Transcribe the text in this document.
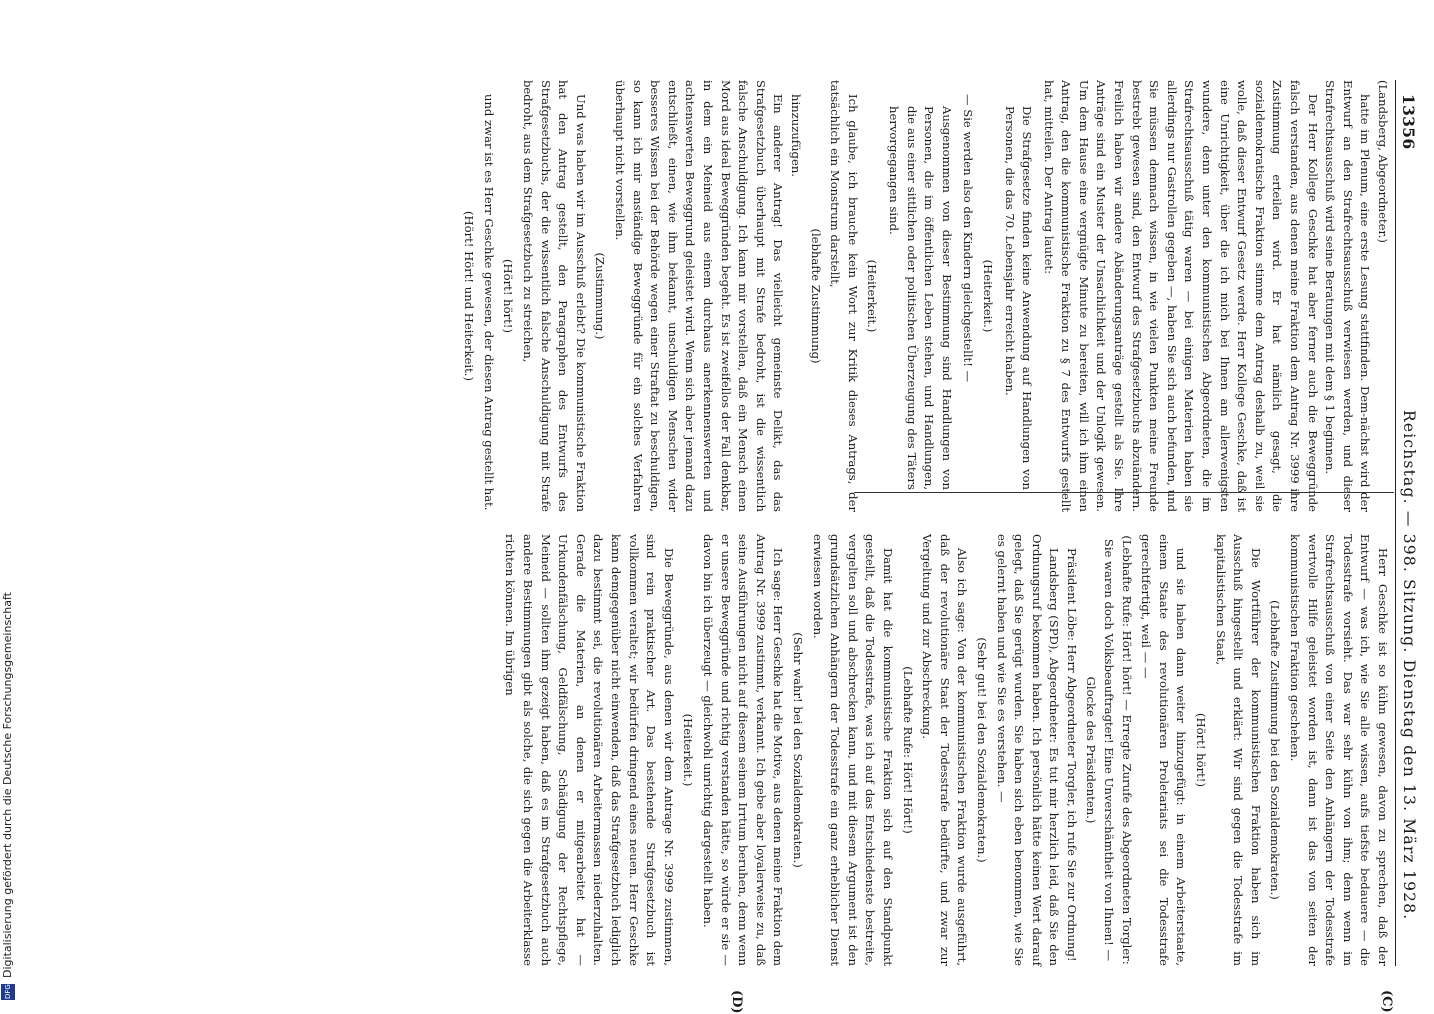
13356
Reichstag. — 398. Sitzung. Dienstag den 13. März 1928.

(Landsberg, Abgeordneter.)

hatte im Plenum, eine erste Lesung stattfinden. Dem-nächst wird der Entwurf an den Strafrechtsausschuß verwiesen werden, und dieser Strafrechtsausschuß wird seine Beratungen mit dem § 1 beginnen.

Der Herr Kollege Geschke hat aber ferner auch die Beweggründe falsch verstanden, aus denen meine Fraktion dem Antrag Nr. 3999 ihre Zustimmung erteilen wird. Er hat nämlich gesagt, die sozialdemokratische Fraktion stimme dem Antrag deshalb zu, weil sie wolle, daß dieser Entwurf Gesetz werde. Herr Kollege Geschke, daß ist eine Unrichtigkeit, über die ich mich bei Ihnen am allerwenigsten wundere, denn unter den kommunistischen Abgeordneten, die im Strafrechtsausschuß tätig waren — bei einigen Materien haben sie allerdings nur Gastrollen gegeben —, haben Sie sich auch befunden, und Sie müssen demnach wissen, in wie vielen Punkten meine Freunde bestrebt gewesen sind, den Entwurf des Strafgesetzbuchs abzuändern. Freilich haben wir andere Abänderungsanträge gestellt als Sie. Ihre Anträge sind ein Muster der Unsachlichkeit und der Unlogik gewesen. Um dem Hause eine vergnügte Minute zu bereiten, will ich ihm einen Antrag, den die kommunistische Fraktion zu § 7 des Entwurfs gestellt hat, mitteilen. Der Antrag lautet:

Die Strafgesetze finden keine Anwendung auf Handlungen von Personen, die das 70. Lebensjahr erreicht haben.

(Heiterkeit.)

— Sie werden also den Kindern gleichgestellt! —

Ausgenommen von dieser Bestimmung sind Handlungen von Personen, die im öffentlichen Leben stehen, und Handlungen, die aus einer sittlichen oder politischen Überzeugung des Täters hervorgegangen sind.

(Heiterkeit.)

Ich glaube, ich brauche kein Wort zur Kritik dieses Antrags, der tatsächlich ein Monstrum darstellt,

(lebhafte Zustimmung)

hinzuzufügen.

Ein anderer Antrag! Das vielleicht gemeinste Delikt, das das Strafgesetzbuch überhaupt mit Strafe bedroht, ist die wissentlich falsche Anschuldigung. Ich kann mir vorstellen, daß ein Mensch einen Mord aus ideal Beweggründen begeht. Es ist zweifellos der Fall denkbar, in dem ein Meineid aus einem durchaus anerkennenswerten und achtenswerten Beweggrund geleistet wird. Wenn sich aber jemand dazu entschließt, einen, wie ihm bekannt, unschuldigen Menschen wider besseres Wissen bei der Behörde wegen einer Straftat zu beschuldigen, so kann ich mir anständige Beweggründe für ein solches Verfahren überhaupt nicht vorstellen.

(Zustimmung.)

Und was haben wir im Ausschuß erlebt? Die kommunistische Fraktion hat den Antrag gestellt, den Paragraphen des Entwurfs des Strafgesetzbuchs, der die wissentlich falsche Anschuldigung mit Strafe bedroht, aus dem Strafgesetzbuch zu streichen,

(Hört! hört!)

und zwar ist es Herr Geschke gewesen, der diesen Antrag gestellt hat.

(Hört! Hört! und Heiterkeit.)

Herr Geschke ist so kühn gewesen, davon zu sprechen, daß der Entwurf — was ich, wie Sie alle wissen, aufs tiefste bedauere — die Todesstrafe vorsieht. Das war sehr kühn von ihm; denn wenn im Strafrechtsausschuß von einer Seite den Anhängern der Todesstrafe wertvolle Hilfe geleistet worden ist, dann ist das von seiten der kommunistischen Fraktion geschehen.

(Lebhafte Zustimmung bei den Sozialdemokraten.)

Die Wortführer der kommunistischen Fraktion haben sich im Ausschuß hingestellt und erklärt: Wir sind gegen die Todesstrafe im kapitalistischen Staat,

(Hört! hört!)

und sie haben dann weiter hinzugefügt: in einem Arbeiterstaate, einem Staate des revolutionären Proletariats sei die Todesstrafe gerechtfertigt, weil — —

(Lebhafte Rufe: Hört! hört! — Erregte Zurufe des Abgeordneten Torgler: Sie waren doch Volksbeauftragter! Eine Unverschämtheit von Ihnen! — Glocke des Präsidenten.)

Präsident Löbe: Herr Abgeordneter Torgler, ich rufe Sie zur Ordnung!

Landsberg (SPD), Abgeordneter: Es tut mir herzlich leid, daß Sie den Ordnungsruf bekommen haben. Ich persönlich hätte keinen Wert darauf gelegt, daß Sie gerügt wurden. Sie haben sich eben benommen, wie Sie es gelernt haben und wie Sie es verstehen. —

(Sehr gut! bei den Sozialdemokraten.)

Also ich sage: Von der kommunistischen Fraktion wurde ausgeführt, daß der revolutionäre Staat der Todesstrafe bedürfte, und zwar zur Vergeltung und zur Abschreckung.

(Lebhafte Rufe: Hört! Hört!)

Damit hat die kommunistische Fraktion sich auf den Standpunkt gestellt, daß die Todesstrafe, was ich auf das Entschiedenste bestreite, vergelten soll und abschrecken kann, und mit diesem Argument ist den grundsätzlichen Anhängern der Todesstrafe ein ganz erheblicher Dienst erwiesen worden.

(Sehr wahr! bei den Sozialdemokraten.)

Ich sage: Herr Geschke hat die Motive, aus denen meine Fraktion dem Antrag Nr. 3999 zustimmt, verkannt. Ich gebe aber loyalerweise zu, daß seine Ausführungen nicht auf diesem seinem Irrtum beruhen, denn wenn er unsere Beweggründe und richtig verstanden hätte, so würde er sie — davon bin ich überzeugt — gleichwohl unrichtig dargestellt haben.

(Heiterkeit.)

Die Beweggründe, aus denen wir dem Antrage Nr. 3999 zustimmen, sind rein praktischer Art. Das bestehende Strafgesetzbuch ist vollkommen veraltet; wir bedürfen dringend eines neuen. Herr Geschke kann demgegenüber nicht einwenden, daß das Strafgesetzbuch lediglich dazu bestimmt sei, die revolutionären Arbeitermassen niederzuhalten. Gerade die Materien, an denen er mitgearbeitet hat — Urkundenfälschung, Geldfälschung, Schädigung der Rechtspflege, Meineid — sollten ihm gezeigt haben, daß es im Strafgesetzbuch auch andere Bestimmungen gibt als solche, die sich gegen die Arbeiterklasse richten können. Im übrigen

(C)
(D)
DFG
Digitalisierung gefördert durch die Deutsche Forschungsgemeinschaft
